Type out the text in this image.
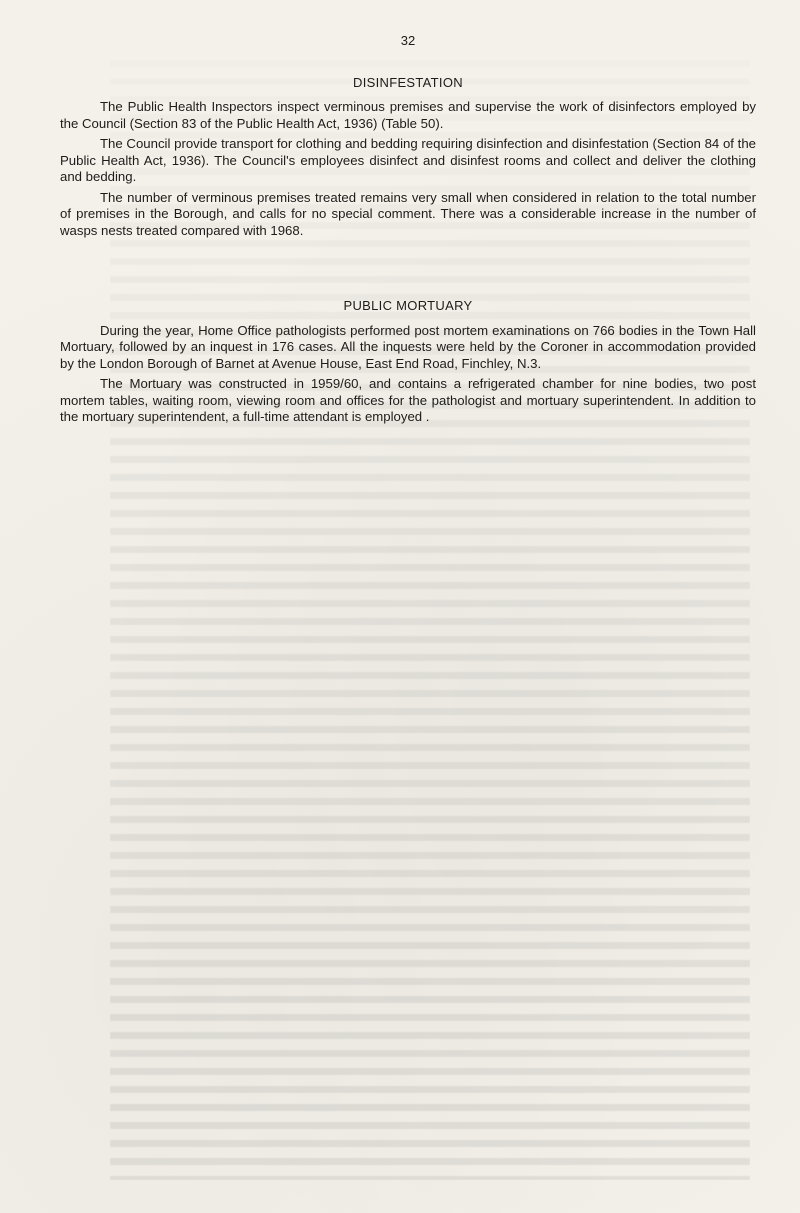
32
DISINFESTATION

The Public Health Inspectors inspect verminous premises and supervise the work of disinfectors employed by the Council (Section 83 of the Public Health Act, 1936) (Table 50).

The Council provide transport for clothing and bedding requiring disinfection and disinfestation (Section 84 of the Public Health Act, 1936). The Council's employees disinfect and disinfest rooms and collect and deliver the clothing and bedding.

The number of verminous premises treated remains very small when considered in relation to the total number of premises in the Borough, and calls for no special comment. There was a considerable increase in the number of wasps nests treated compared with 1968.

PUBLIC MORTUARY

During the year, Home Office pathologists performed post mortem examinations on 766 bodies in the Town Hall Mortuary, followed by an inquest in 176 cases. All the inquests were held by the Coroner in accommodation provided by the London Borough of Barnet at Avenue House, East End Road, Finchley, N.3.

The Mortuary was constructed in 1959/60, and contains a refrigerated chamber for nine bodies, two post mortem tables, waiting room, viewing room and offices for the pathologist and mortuary superintendent. In addition to the mortuary superintendent, a full-time attendant is employed .
